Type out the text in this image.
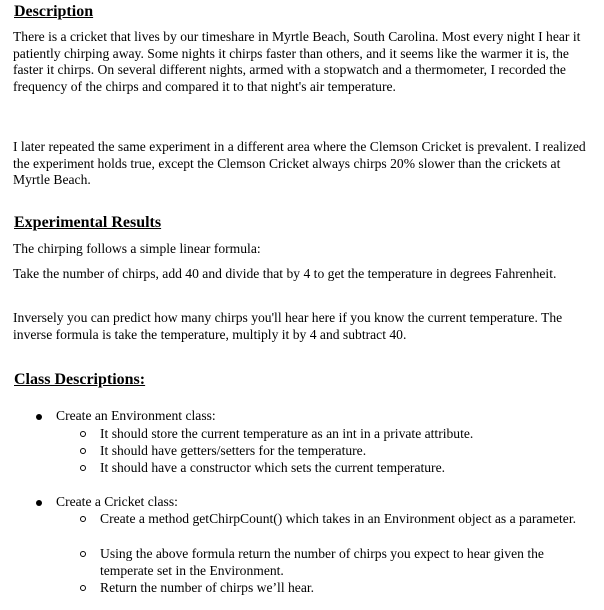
Description

There is a cricket that lives by our timeshare in Myrtle Beach, South Carolina. Most every night I hear it patiently chirping away. Some nights it chirps faster than others, and it seems like the warmer it is, the faster it chirps. On several different nights, armed with a stopwatch and a thermometer, I recorded the frequency of the chirps and compared it to that night's air temperature.

I later repeated the same experiment in a different area where the Clemson Cricket is prevalent. I realized the experiment holds true, except the Clemson Cricket always chirps 20% slower than the crickets at Myrtle Beach.

Experimental Results

The chirping follows a simple linear formula:

Take the number of chirps, add 40 and divide that by 4 to get the temperature in degrees Fahrenheit.

Inversely you can predict how many chirps you'll hear here if you know the current temperature. The inverse formula is take the temperature, multiply it by 4 and subtract 40.

Class Descriptions:

Create an Environment class:

It should store the current temperature as an int in a private attribute.

It should have getters/setters for the temperature.

It should have a constructor which sets the current temperature.

Create a Cricket class:

Create a method getChirpCount() which takes in an Environment object as a parameter.

Using the above formula return the number of chirps you expect to hear given the temperate set in the Environment.

Return the number of chirps we’ll hear.
